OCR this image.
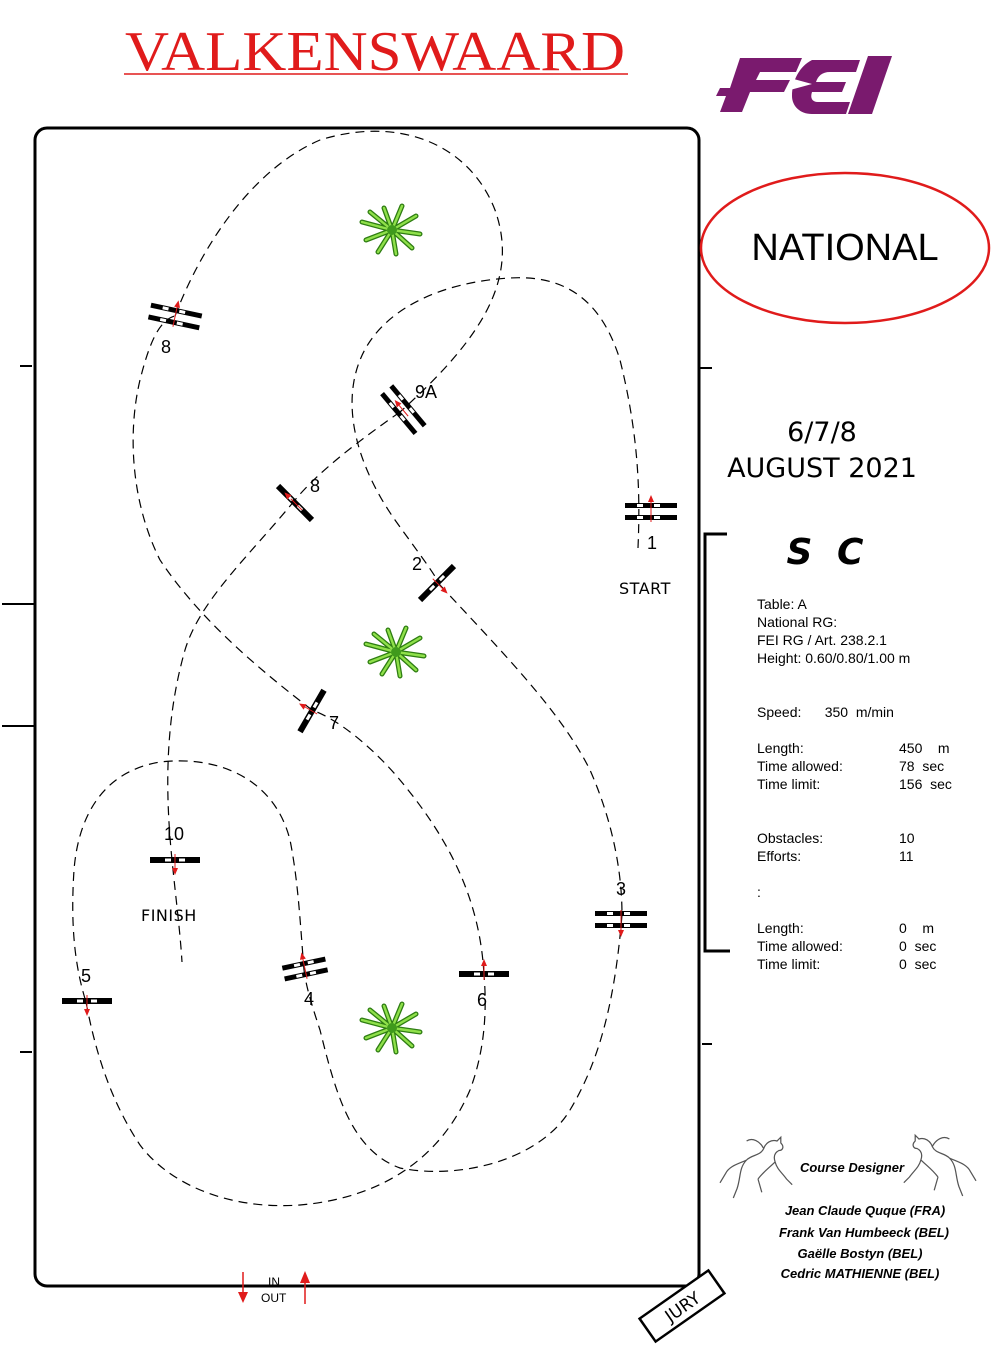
VALKENSWAARD
NATIONAL
6/7/8
AUGUST 2021
S C
Table: A
National RG:
FEI RG / Art. 238.2.1
Height: 0.60/0.80/1.00 m
Speed:      350  m/min
Length:	450    m
Time allowed:	78  sec
Time limit:	156  sec
Obstacles:	10
Efforts:	11
:
Length:	0    m
Time allowed:	0  sec
Time limit:	0  sec
Course Designer
Jean Claude Quque (FRA)
Frank Van Humbeeck (BEL)
Gaëlle Bostyn (BEL)
Cedric MATHIENNE (BEL)
JURY
IN
OUT
1
2
3
4
5
6
7
8
8
9A
10
START
FINISH
